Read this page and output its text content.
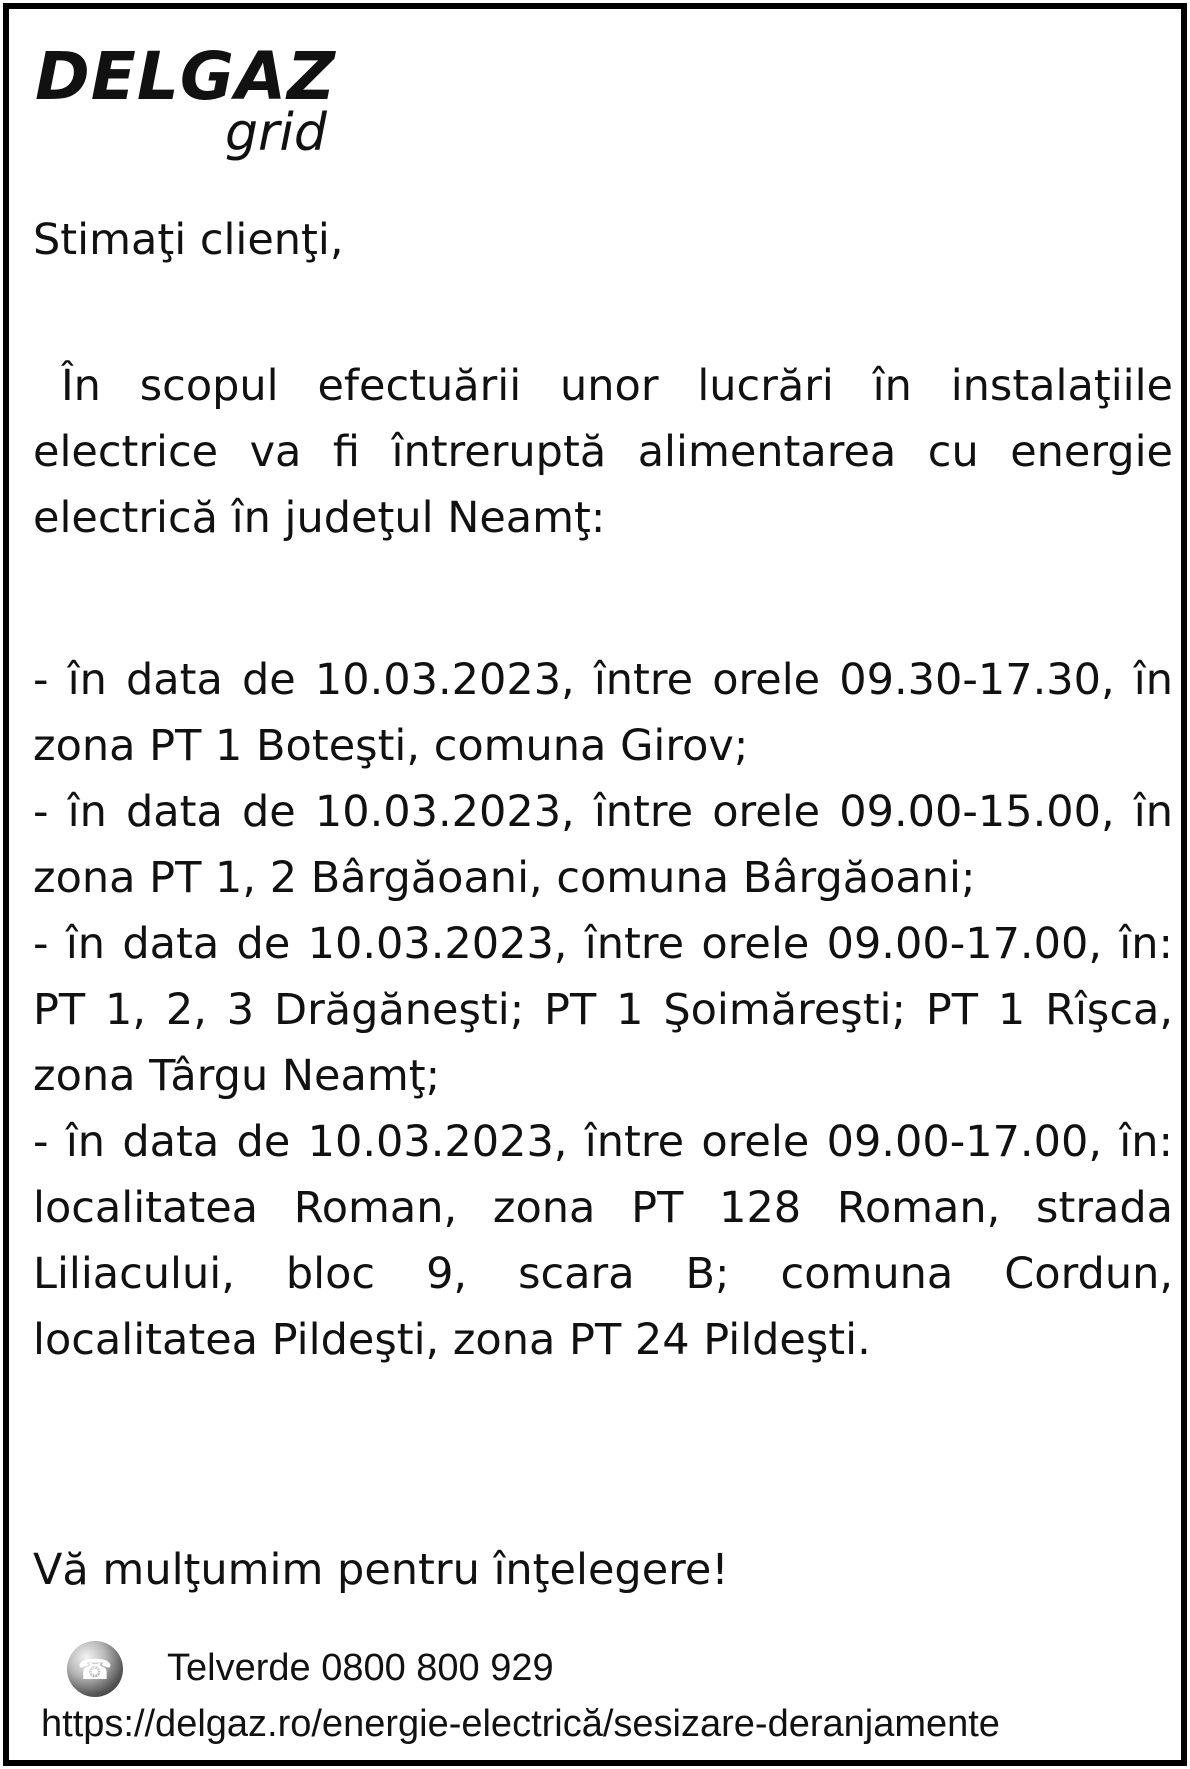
DELGAZ
grid
Stimaţi clienţi,
În scopul efectuării unor lucrări în instalaţiile electrice va fi întreruptă alimentarea cu energie electrică în judeţul Neamţ:

- în data de 10.03.2023, între orele 09.30-17.30, în zona PT 1 Boteşti, comuna Girov;

- în data de 10.03.2023, între orele 09.00-15.00, în zona PT 1, 2 Bârgăoani, comuna Bârgăoani;

- în data de 10.03.2023, între orele 09.00-17.00, în: PT 1, 2, 3 Drăgăneşti; PT 1 Şoimăreşti; PT 1 Rîşca, zona Târgu Neamţ;

- în data de 10.03.2023, între orele 09.00-17.00, în: localitatea Roman, zona PT 128 Roman, strada Liliacului, bloc 9, scara B; comuna Cordun, localitatea Pildeşti, zona PT 24 Pildeşti.

Vă mulţumim pentru înţelegere!
☎ Telverde 0800 800 929
https://delgaz.ro/energie-electrică/sesizare-deranjamente
